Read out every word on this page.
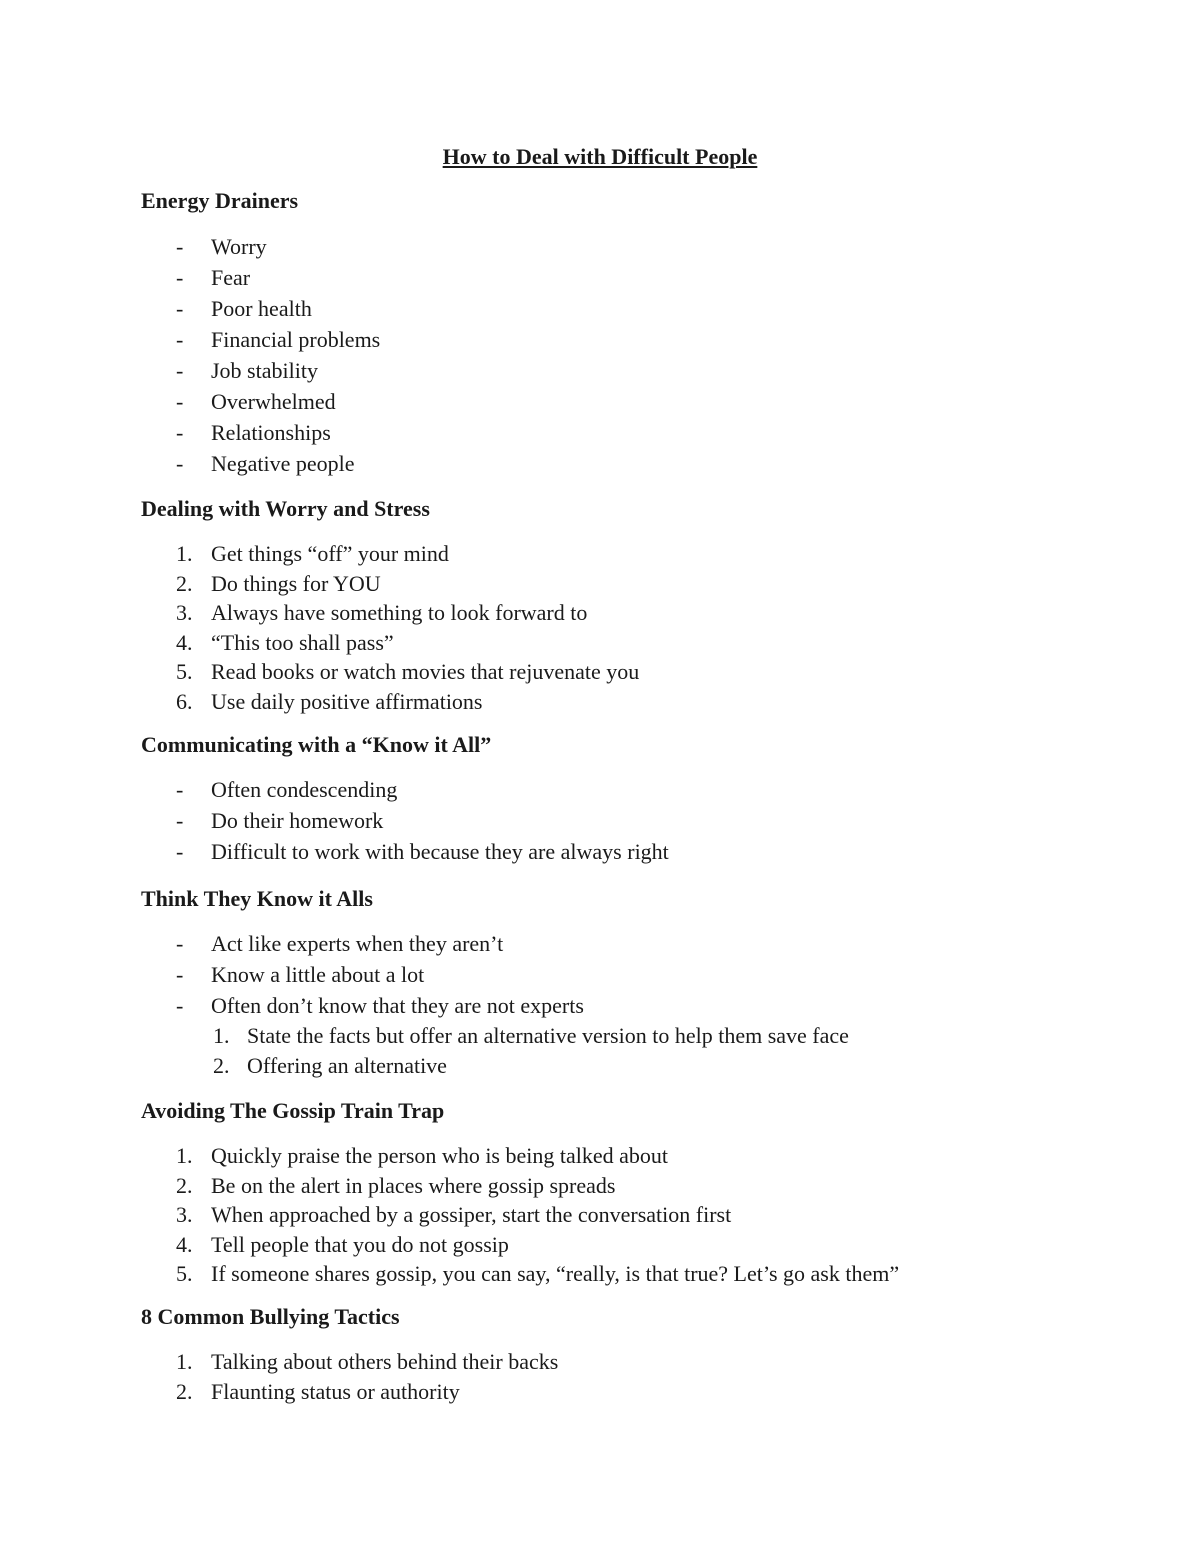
How to Deal with Difficult People
Energy Drainers
- Worry
- Fear
- Poor health
- Financial problems
- Job stability
- Overwhelmed
- Relationships
- Negative people
Dealing with Worry and Stress
1. Get things “off” your mind
2. Do things for YOU
3. Always have something to look forward to
4. “This too shall pass”
5. Read books or watch movies that rejuvenate you
6. Use daily positive affirmations
Communicating with a “Know it All”
- Often condescending
- Do their homework
- Difficult to work with because they are always right
Think They Know it Alls
- Act like experts when they aren’t
- Know a little about a lot
- Often don’t know that they are not experts
1. State the facts but offer an alternative version to help them save face
2. Offering an alternative
Avoiding The Gossip Train Trap
1. Quickly praise the person who is being talked about
2. Be on the alert in places where gossip spreads
3. When approached by a gossiper, start the conversation first
4. Tell people that you do not gossip
5. If someone shares gossip, you can say, “really, is that true? Let’s go ask them”
8 Common Bullying Tactics
1. Talking about others behind their backs
2. Flaunting status or authority
